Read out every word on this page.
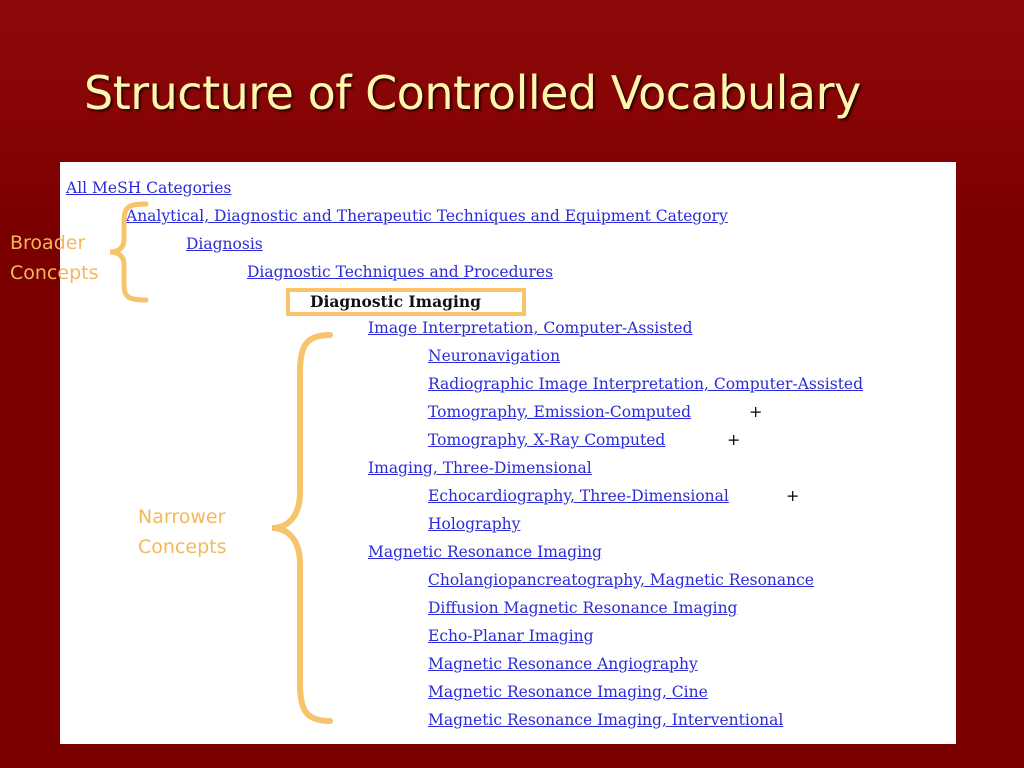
Structure of Controlled Vocabulary
All MeSH Categories
Analytical, Diagnostic and Therapeutic Techniques and Equipment Category
Diagnosis
Diagnostic Techniques and Procedures
Diagnostic Imaging
Image Interpretation, Computer-Assisted
Neuronavigation
Radiographic Image Interpretation, Computer-Assisted
Tomography, Emission-Computed	+
Tomography, X-Ray Computed	+
Imaging, Three-Dimensional
Echocardiography, Three-Dimensional	+
Holography
Magnetic Resonance Imaging
Cholangiopancreatography, Magnetic Resonance
Diffusion Magnetic Resonance Imaging
Echo-Planar Imaging
Magnetic Resonance Angiography
Magnetic Resonance Imaging, Cine
Magnetic Resonance Imaging, Interventional
Broader
Concepts
Narrower
Concepts
